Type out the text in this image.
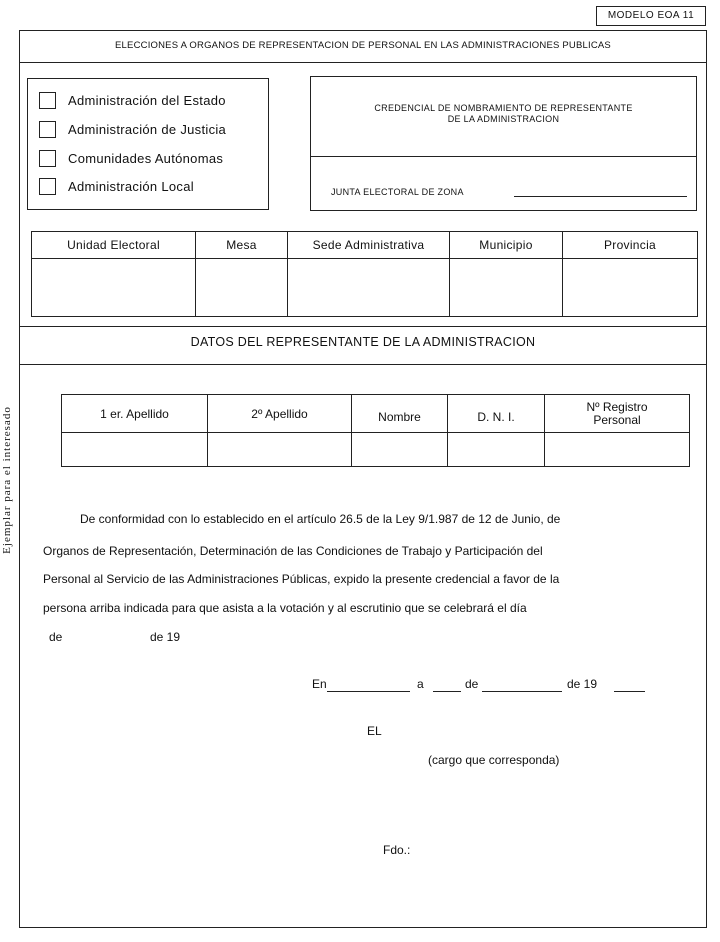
MODELO EOA 11
ELECCIONES A ORGANOS DE REPRESENTACION DE PERSONAL EN LAS ADMINISTRACIONES PUBLICAS
Administración del Estado
Administración de Justicia
Comunidades Autónomas
Administración Local
CREDENCIAL DE NOMBRAMIENTO DE REPRESENTANTE
DE LA ADMINISTRACION
JUNTA ELECTORAL DE ZONA
Unidad Electoral	Mesa	Sede Administrativa	Municipio	Provincia

DATOS DEL REPRESENTANTE DE LA ADMINISTRACION
Ejemplar para el interesado	1 er. Apellido	2º Apellido	Nombre	D. N. I.	Nº Registro
Personal

De conformidad con lo establecido en el artículo 26.5 de la Ley 9/1.987 de 12 de Junio, de
Organos de Representación, Determinación de las Condiciones de Trabajo y Participación del
Personal al Servicio de las Administraciones Públicas, expido la presente credencial a favor de la
persona arriba indicada para que asista a la votación y al escrutinio que se celebrará el día
de	de 19
En	a	de	de 19
EL
(cargo que corresponda)
Fdo.:
